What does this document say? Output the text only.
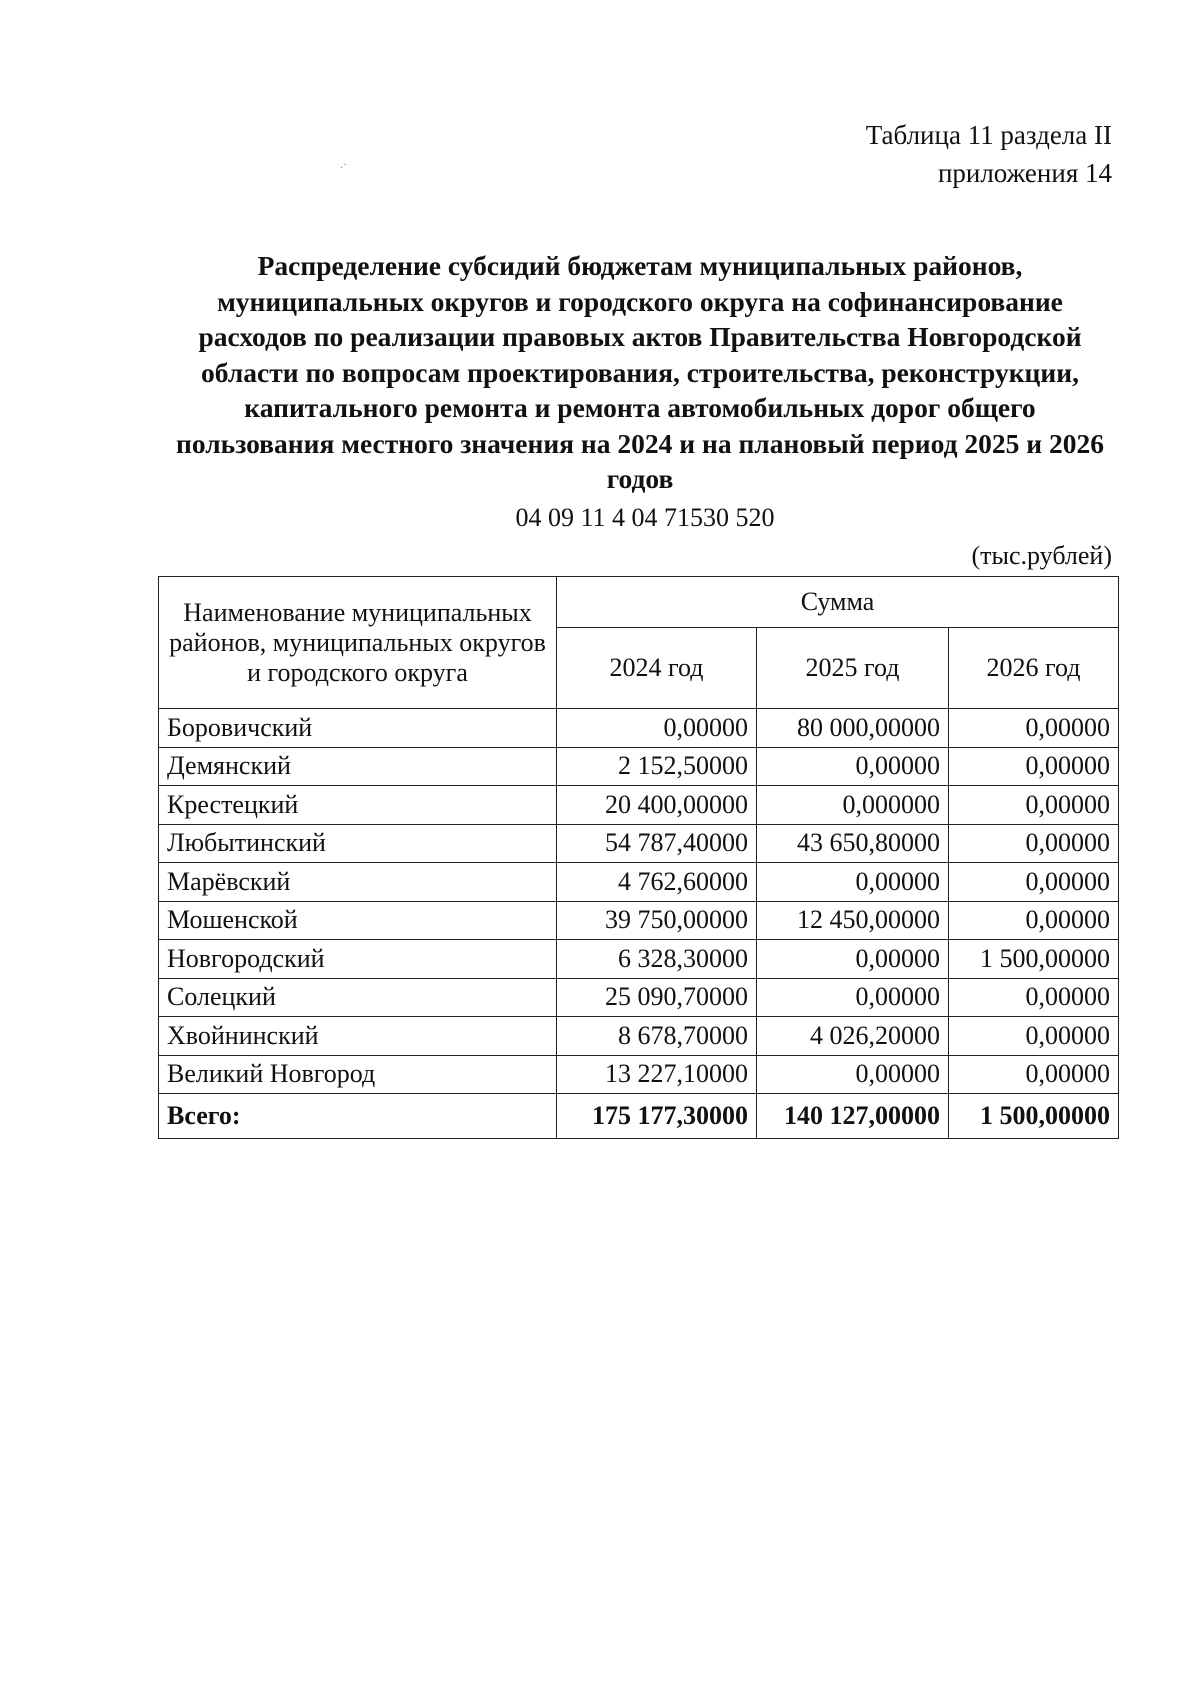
.·
Таблица 11 раздела II
приложения 14
Распределение субсидий бюджетам муниципальных районов, муниципальных округов и городского округа на софинансирование расходов по реализации правовых актов Правительства Новгородской области по вопросам проектирования, строительства, реконструкции, капитального ремонта и ремонта автомобильных дорог общего пользования местного значения на 2024 и на плановый период 2025 и 2026 годов
04 09 11 4 04 71530 520
(тыс.рублей)
Наименование муниципальных районов, муниципальных округов и городского округа	Сумма		
	2024 год	2025 год	2026 год
Боровичский	0,00000	80 000,00000	0,00000
Демянский	2 152,50000	0,00000	0,00000
Крестецкий	20 400,00000	0,000000	0,00000
Любытинский	54 787,40000	43 650,80000	0,00000
Марёвский	4 762,60000	0,00000	0,00000
Мошенской	39 750,00000	12 450,00000	0,00000
Новгородский	6 328,30000	0,00000	1 500,00000
Солецкий	25 090,70000	0,00000	0,00000
Хвойнинский	8 678,70000	4 026,20000	0,00000
Великий Новгород	13 227,10000	0,00000	0,00000
Всего:	175 177,30000	140 127,00000	1 500,00000
